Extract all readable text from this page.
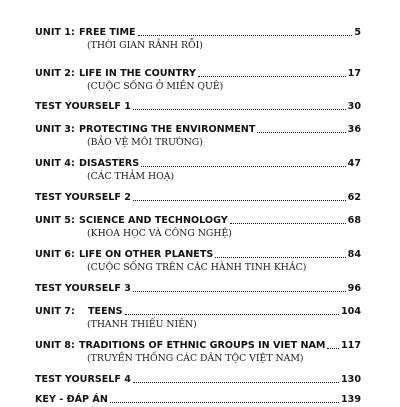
UNIT 1: FREE TIME	5
(THỜI GIAN RẢNH RỖI)
UNIT 2: LIFE IN THE COUNTRY	17
(CUỘC SỐNG Ở MIỀN QUÊ)
TEST YOURSELF 1	30
UNIT 3: PROTECTING THE ENVIRONMENT	36
(BẢO VỆ MÔI TRƯỜNG)
UNIT 4: DISASTERS	47
(CÁC THẢM HOẠ)
TEST YOURSELF 2	62
UNIT 5: SCIENCE AND TECHNOLOGY	68
(KHOA HỌC VÀ CÔNG NGHỆ)
UNIT 6: LIFE ON OTHER PLANETS	84
(CUỘC SỐNG TRÊN CÁC HÀNH TINH KHÁC)
TEST YOURSELF 3	96
UNIT 7:	TEENS	104
(THANH THIẾU NIÊN)
UNIT 8: TRADITIONS OF ETHNIC GROUPS IN VIET NAM 117
(TRUYỀN THỐNG CÁC DÂN TỘC VIỆT NAM)
TEST YOURSELF 4	130
KEY - ĐÁP ÁN	139
